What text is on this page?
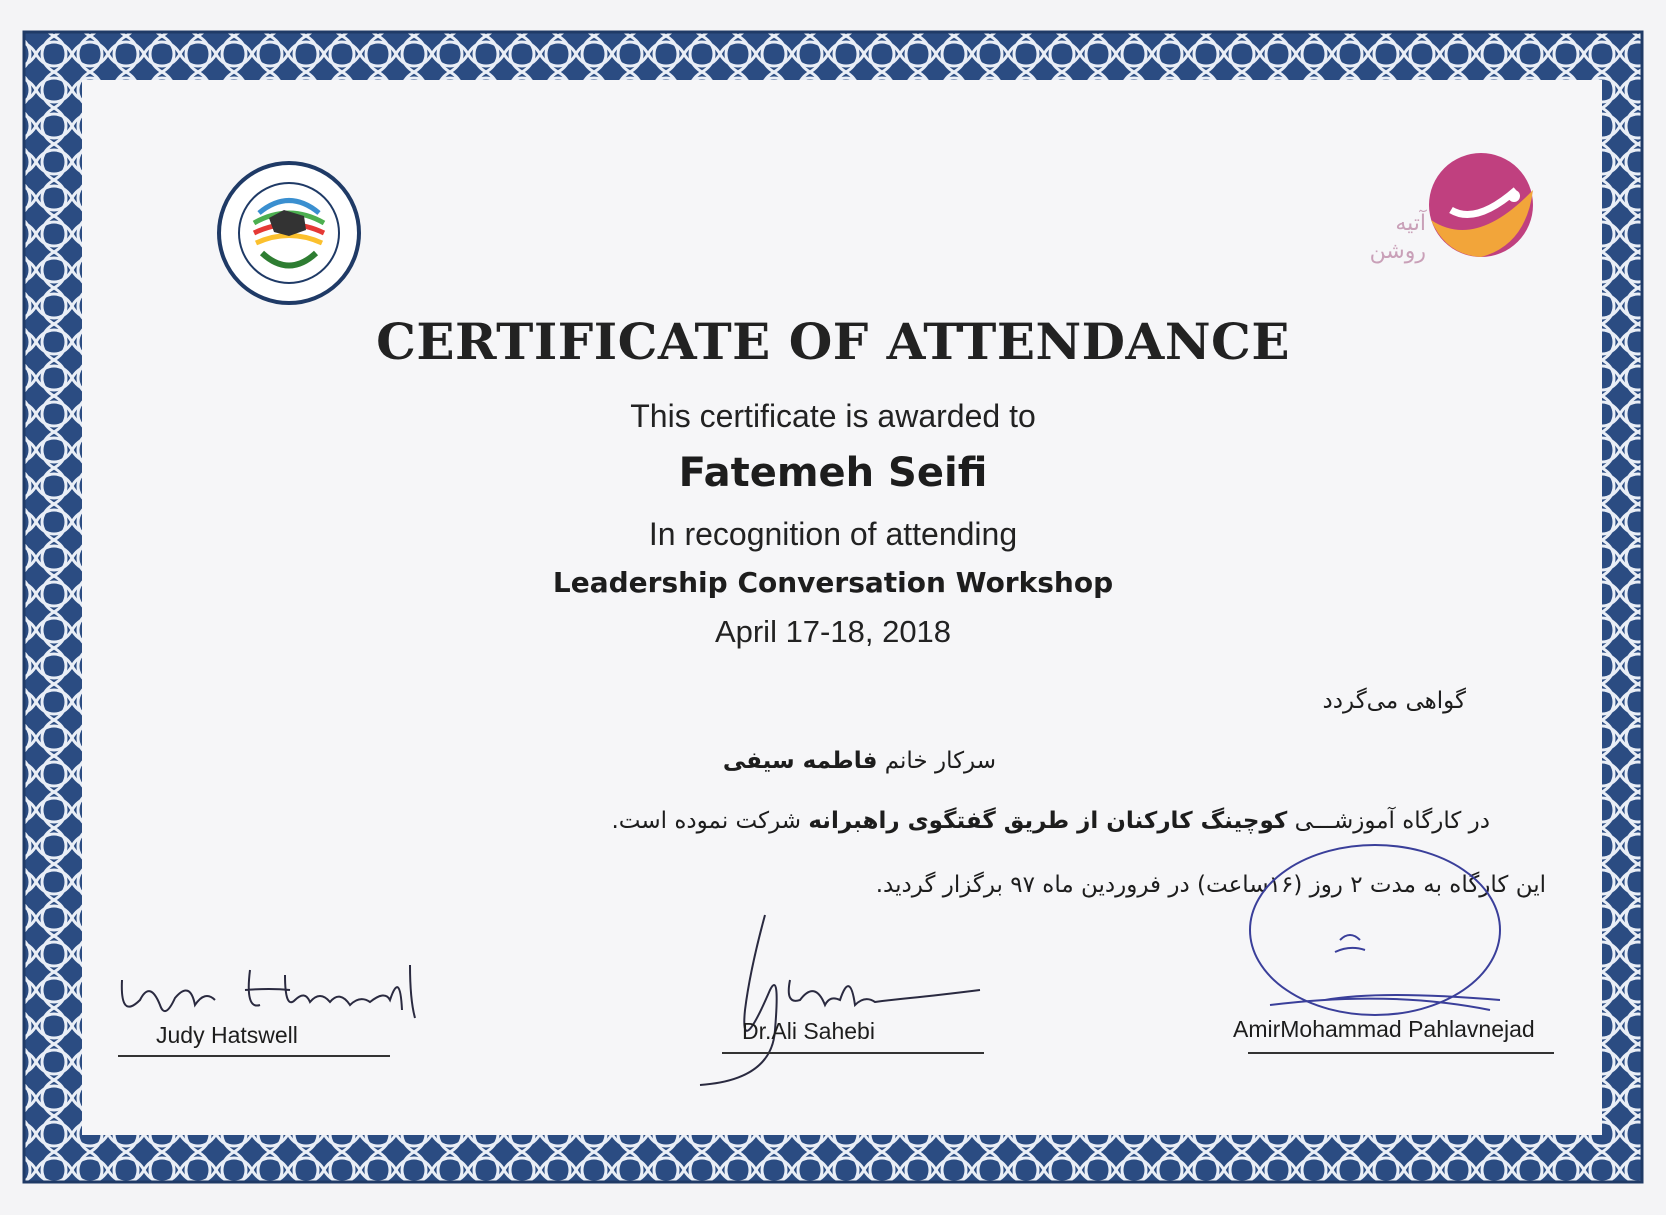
آتیه
روشن
CERTIFICATE OF ATTENDANCE
This certificate is awarded to
Fatemeh Seifi
In recognition of attending
Leadership Conversation Workshop
April 17-18, 2018
گواهی می‌گردد
سرکار خانم فاطمه سیفی
در کارگاه آموزشـــی کوچینگ کارکنان از طریق گفتگوی راهبرانه شرکت نموده است.
این کارگاه به مدت ۲ روز (۱۶ساعت) در فروردین ماه ۹۷ برگزار گردید.
Judy Hatswell	Dr.Ali Sahebi	AmirMohammad Pahlavnejad
